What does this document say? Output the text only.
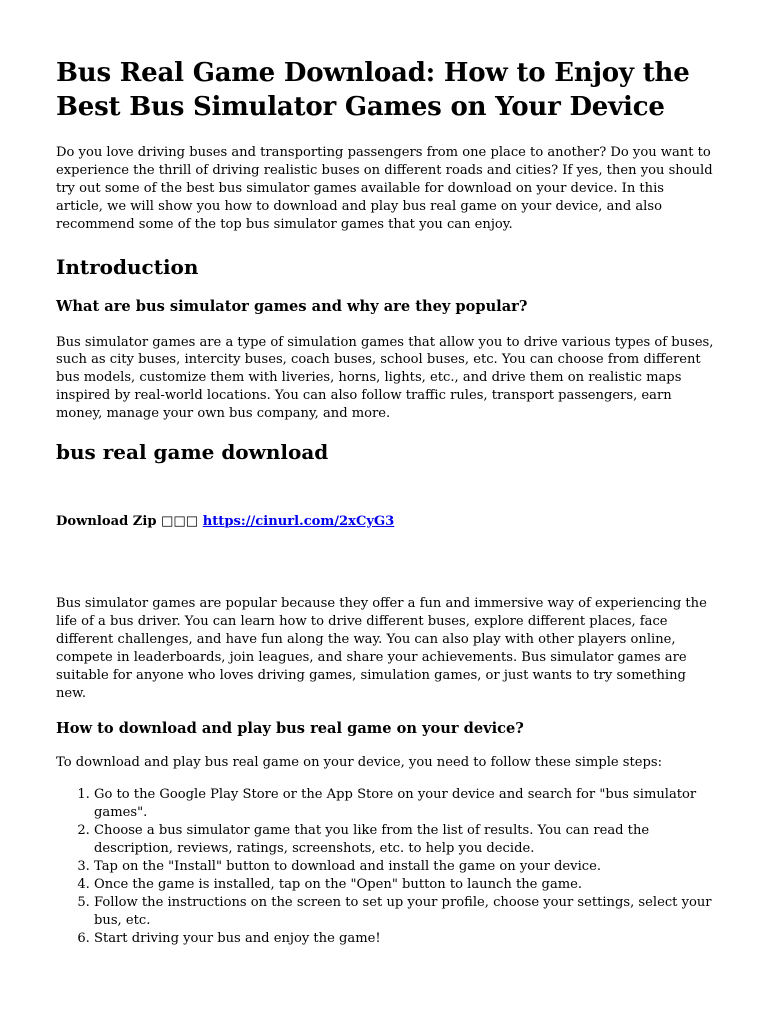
Bus Real Game Download: How to Enjoy the Best Bus Simulator Games on Your Device

Do you love driving buses and transporting passengers from one place to another? Do you want to experience the thrill of driving realistic buses on different roads and cities? If yes, then you should try out some of the best bus simulator games available for download on your device. In this article, we will show you how to download and play bus real game on your device, and also recommend some of the top bus simulator games that you can enjoy.

Introduction
What are bus simulator games and why are they popular?

Bus simulator games are a type of simulation games that allow you to drive various types of buses, such as city buses, intercity buses, coach buses, school buses, etc. You can choose from different bus models, customize them with liveries, horns, lights, etc., and drive them on realistic maps inspired by real-world locations. You can also follow traffic rules, transport passengers, earn money, manage your own bus company, and more.

bus real game download
Download Zip □□□ https://cinurl.com/2xCyG3

Bus simulator games are popular because they offer a fun and immersive way of experiencing the life of a bus driver. You can learn how to drive different buses, explore different places, face different challenges, and have fun along the way. You can also play with other players online, compete in leaderboards, join leagues, and share your achievements. Bus simulator games are suitable for anyone who loves driving games, simulation games, or just wants to try something new.

How to download and play bus real game on your device?

To download and play bus real game on your device, you need to follow these simple steps:

1. Go to the Google Play Store or the App Store on your device and search for "bus simulator games".
2. Choose a bus simulator game that you like from the list of results. You can read the description, reviews, ratings, screenshots, etc. to help you decide.
3. Tap on the "Install" button to download and install the game on your device.
4. Once the game is installed, tap on the "Open" button to launch the game.
5. Follow the instructions on the screen to set up your profile, choose your settings, select your bus, etc.
6. Start driving your bus and enjoy the game!
